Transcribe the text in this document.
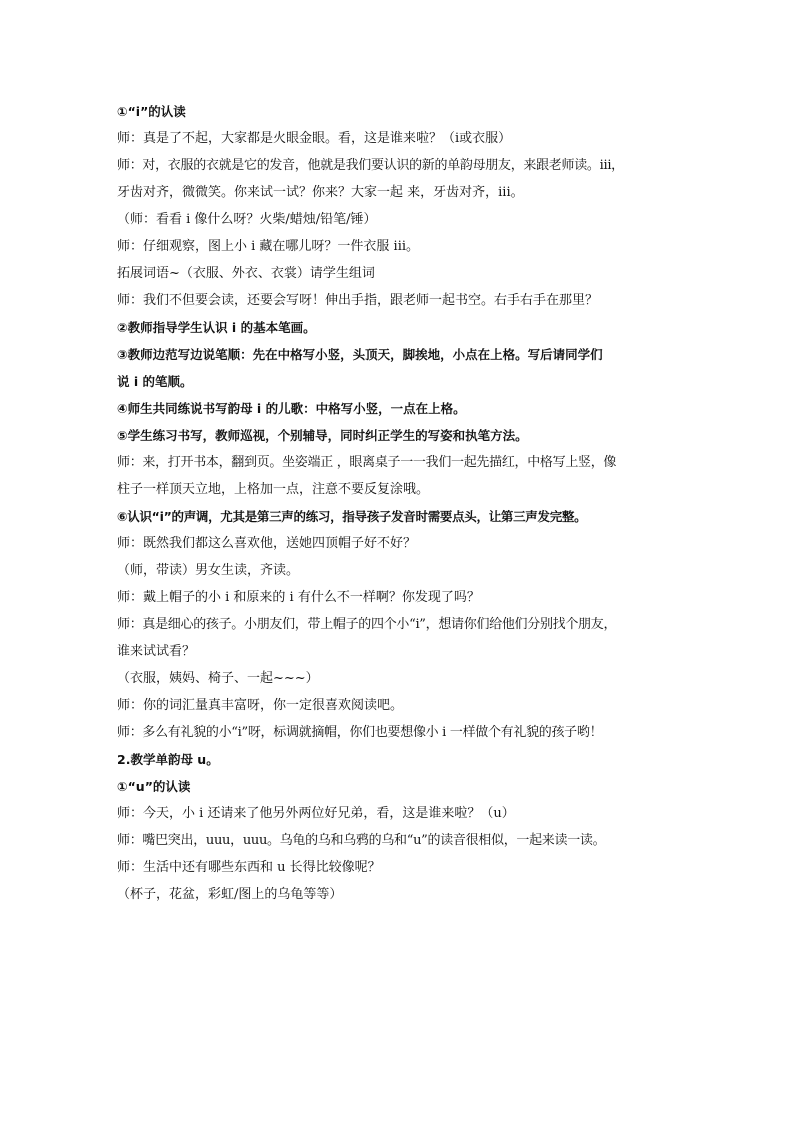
①“i”的认读
师：真是了不起，大家都是火眼金眼。看，这是谁来啦？（i或衣服）
师：对，衣服的衣就是它的发音，他就是我们要认识的新的单韵母朋友，来跟老师读。iii，
牙齿对齐，微微笑。你来试一试？你来？大家一起 来，牙齿对齐，iii。
（师：看看 i 像什么呀？火柴/蜡烛/铅笔/锤）
师：仔细观察，图上小 i 藏在哪儿呀？一件衣服 iii。
拓展词语~（衣服、外衣、衣裳）请学生组词
师：我们不但要会读，还要会写呀！伸出手指，跟老师一起书空。右手右手在那里？
②教师指导学生认识 i 的基本笔画。
③教师边范写边说笔顺：先在中格写小竖，头顶天，脚挨地，小点在上格。写后请同学们
说 i 的笔顺。
④师生共同练说书写韵母 i 的儿歌：中格写小竖，一点在上格。
⑤学生练习书写，教师巡视，个别辅导，同时纠正学生的写姿和执笔方法。
师：来，打开书本，翻到页。坐姿端正 ，眼离桌子一一我们一起先描红，中格写上竖，像
柱子一样顶天立地，上格加一点，注意不要反复涂哦。
⑥认识“i”的声调，尤其是第三声的练习，指导孩子发音时需要点头，让第三声发完整。
师：既然我们都这么喜欢他，送她四顶帽子好不好？
（师，带读）男女生读，齐读。
师：戴上帽子的小 i 和原来的 i 有什么不一样啊？你发现了吗？
师：真是细心的孩子。小朋友们，带上帽子的四个小“i”，想请你们给他们分别找个朋友，
谁来试试看？
（衣服，姨妈、椅子、一起~~~）
师：你的词汇量真丰富呀，你一定很喜欢阅读吧。
师：多么有礼貌的小“i”呀，标调就摘帽，你们也要想像小 i 一样做个有礼貌的孩子哟！
2.教学单韵母 u。
①“u”的认读
师：今天，小 i 还请来了他另外两位好兄弟，看，这是谁来啦？（u）
师：嘴巴突出，uuu，uuu。乌龟的乌和乌鸦的乌和“u”的读音很相似，一起来读一读。
师：生活中还有哪些东西和 u 长得比较像呢？
（杯子，花盆，彩虹/图上的乌龟等等）
